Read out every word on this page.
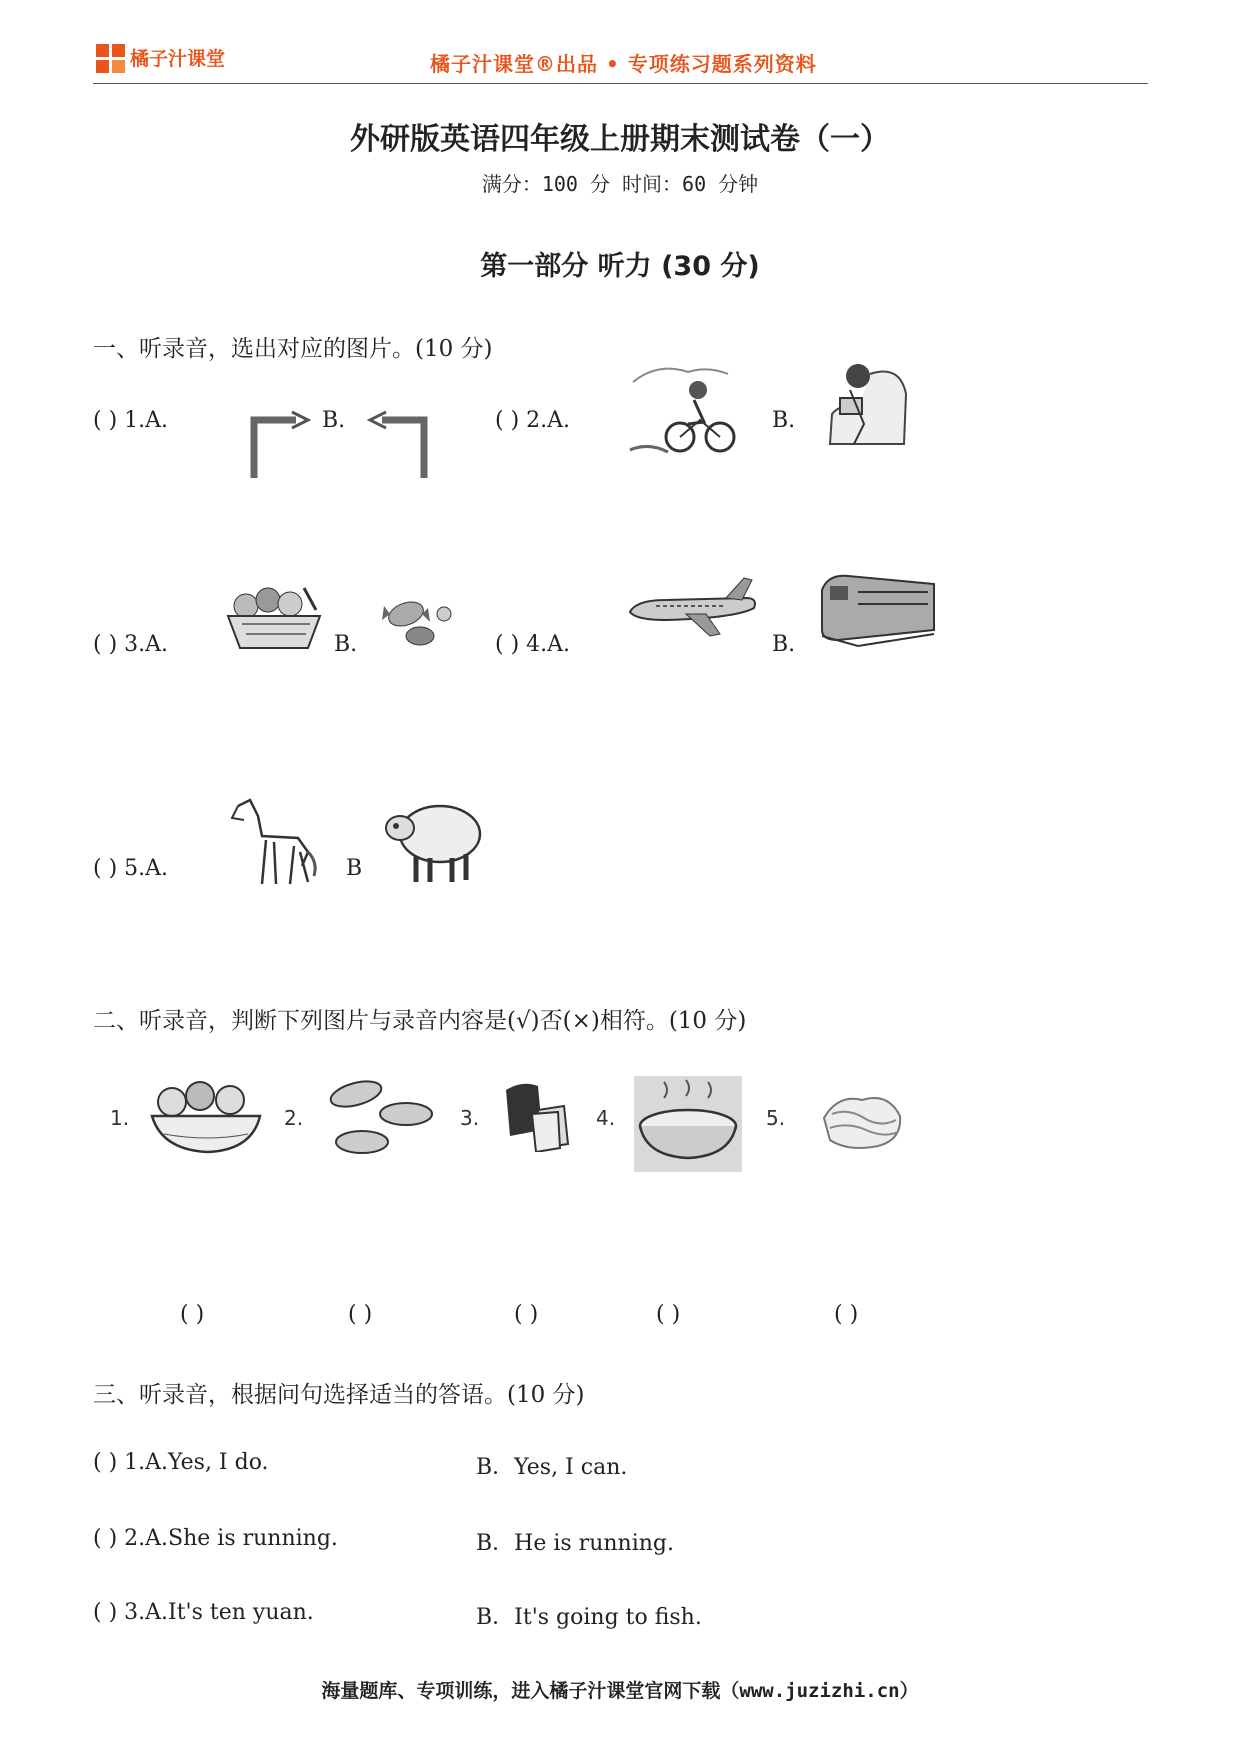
橘子汁课堂	橘子汁课堂®出品 • 专项练习题系列资料
外研版英语四年级上册期末测试卷（一）
满分：100 分 时间：60 分钟
第一部分 听力 (30 分)
一、听录音，选出对应的图片。(10 分)
( ) 1.A.	B.	( ) 2.A.	B.
( ) 3.A.	B.	( ) 4.A.	B.
( ) 5.A.	B
二、听录音，判断下列图片与录音内容是(√)否(×)相符。(10 分)
1.	2.	3.	4.	5.
( )	( )	( )	( )	( )
三、听录音，根据问句选择适当的答语。(10 分)
( ) 1.A.Yes, I do.	B．Yes, I can.
( ) 2.A.She is running.	B．He is running.
( ) 3.A.It's ten yuan.	B．It's going to fish.
海量题库、专项训练，进入橘子汁课堂官网下载（www.juzizhi.cn）
